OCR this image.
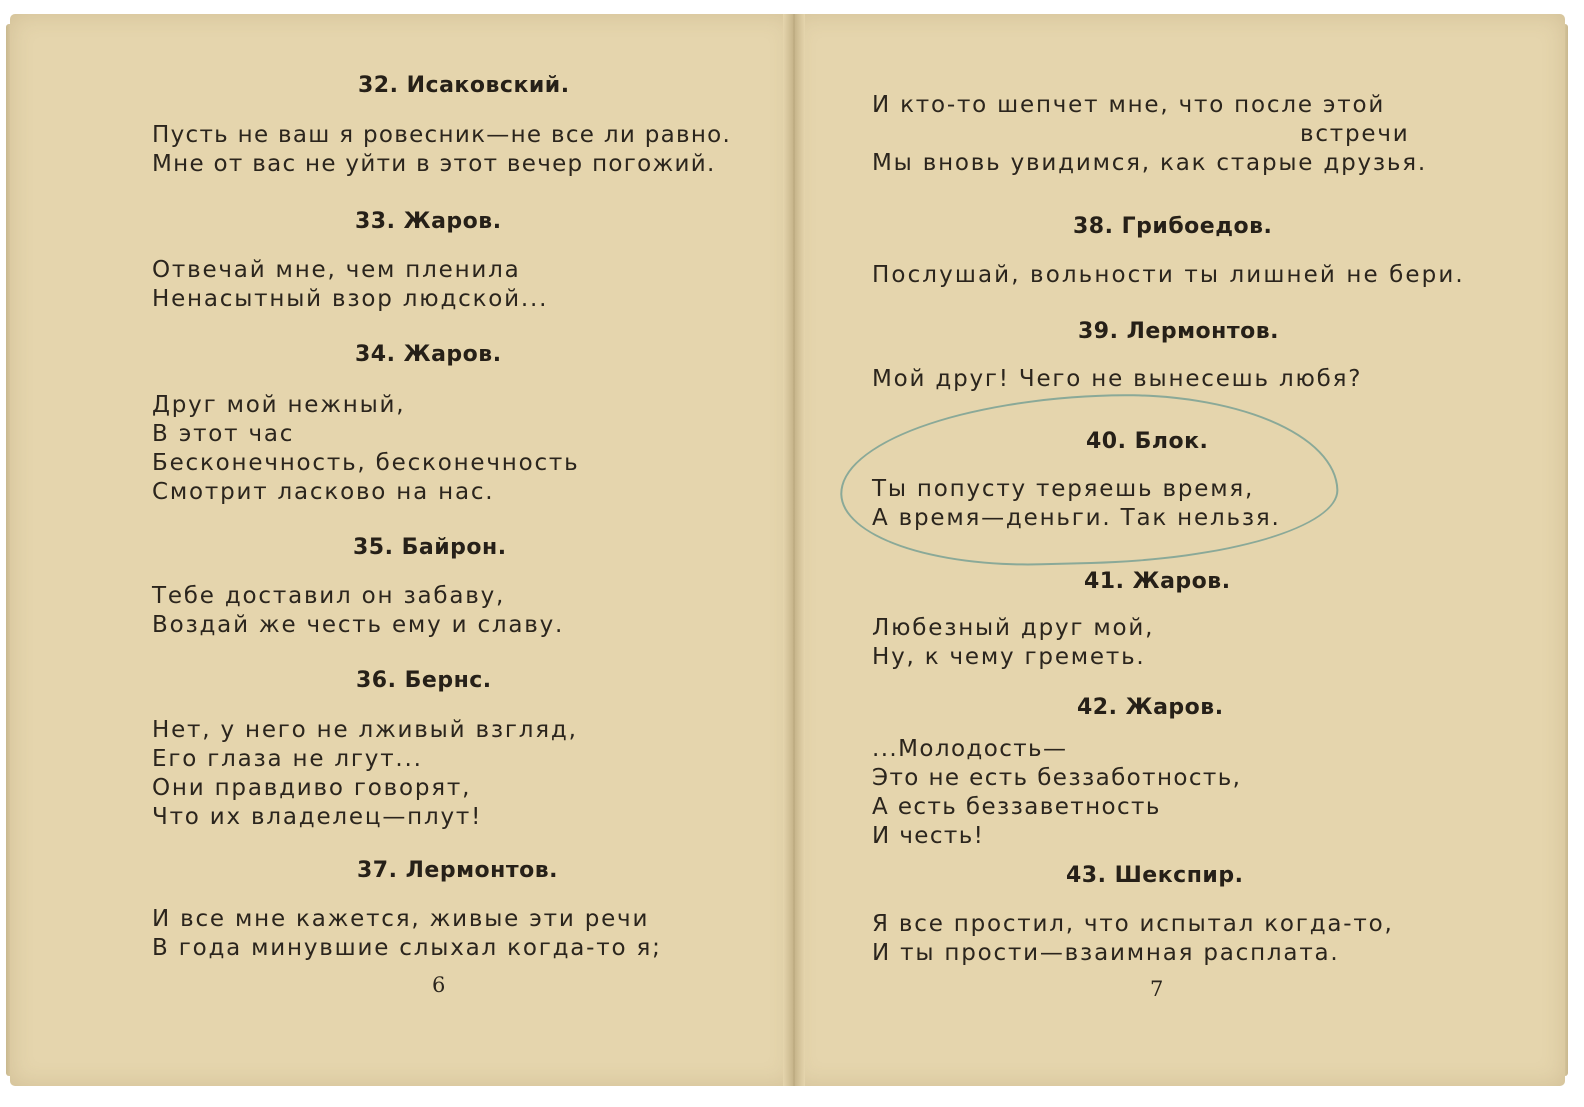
32. Исаковский.
Пусть не ваш я ровесник—не все ли равно.
Мне от вас не уйти в этот вечер погожий.
33. Жаров.
Отвечай мне, чем пленила
Ненасытный взор людской...
34. Жаров.
Друг мой нежный,
В этот час
Бесконечность, бесконечность
Смотрит ласково на нас.
35. Байрон.
Тебе доставил он забаву,
Воздай же честь ему и славу.
36. Бернс.
Нет, у него не лживый взгляд,
Его глаза не лгут...
Они правдиво говорят,
Что их владелец—плут!
37. Лермонтов.
И все мне кажется, живые эти речи
В года минувшие слыхал когда-то я;
6
И кто-то шепчет мне, что после этой
встречи
Мы вновь увидимся, как старые друзья.
38. Грибоедов.
Послушай, вольности ты лишней не бери.
39. Лермонтов.
Мой друг! Чего не вынесешь любя?
40. Блок.
Ты попусту теряешь время,
А время—деньги. Так нельзя.
41. Жаров.
Любезный друг мой,
Ну, к чему греметь.
42. Жаров.
...Молодость—
Это не есть беззаботность,
А есть беззаветность
И честь!
43. Шекспир.
Я все простил, что испытал когда-то,
И ты прости—взаимная расплата.
7
